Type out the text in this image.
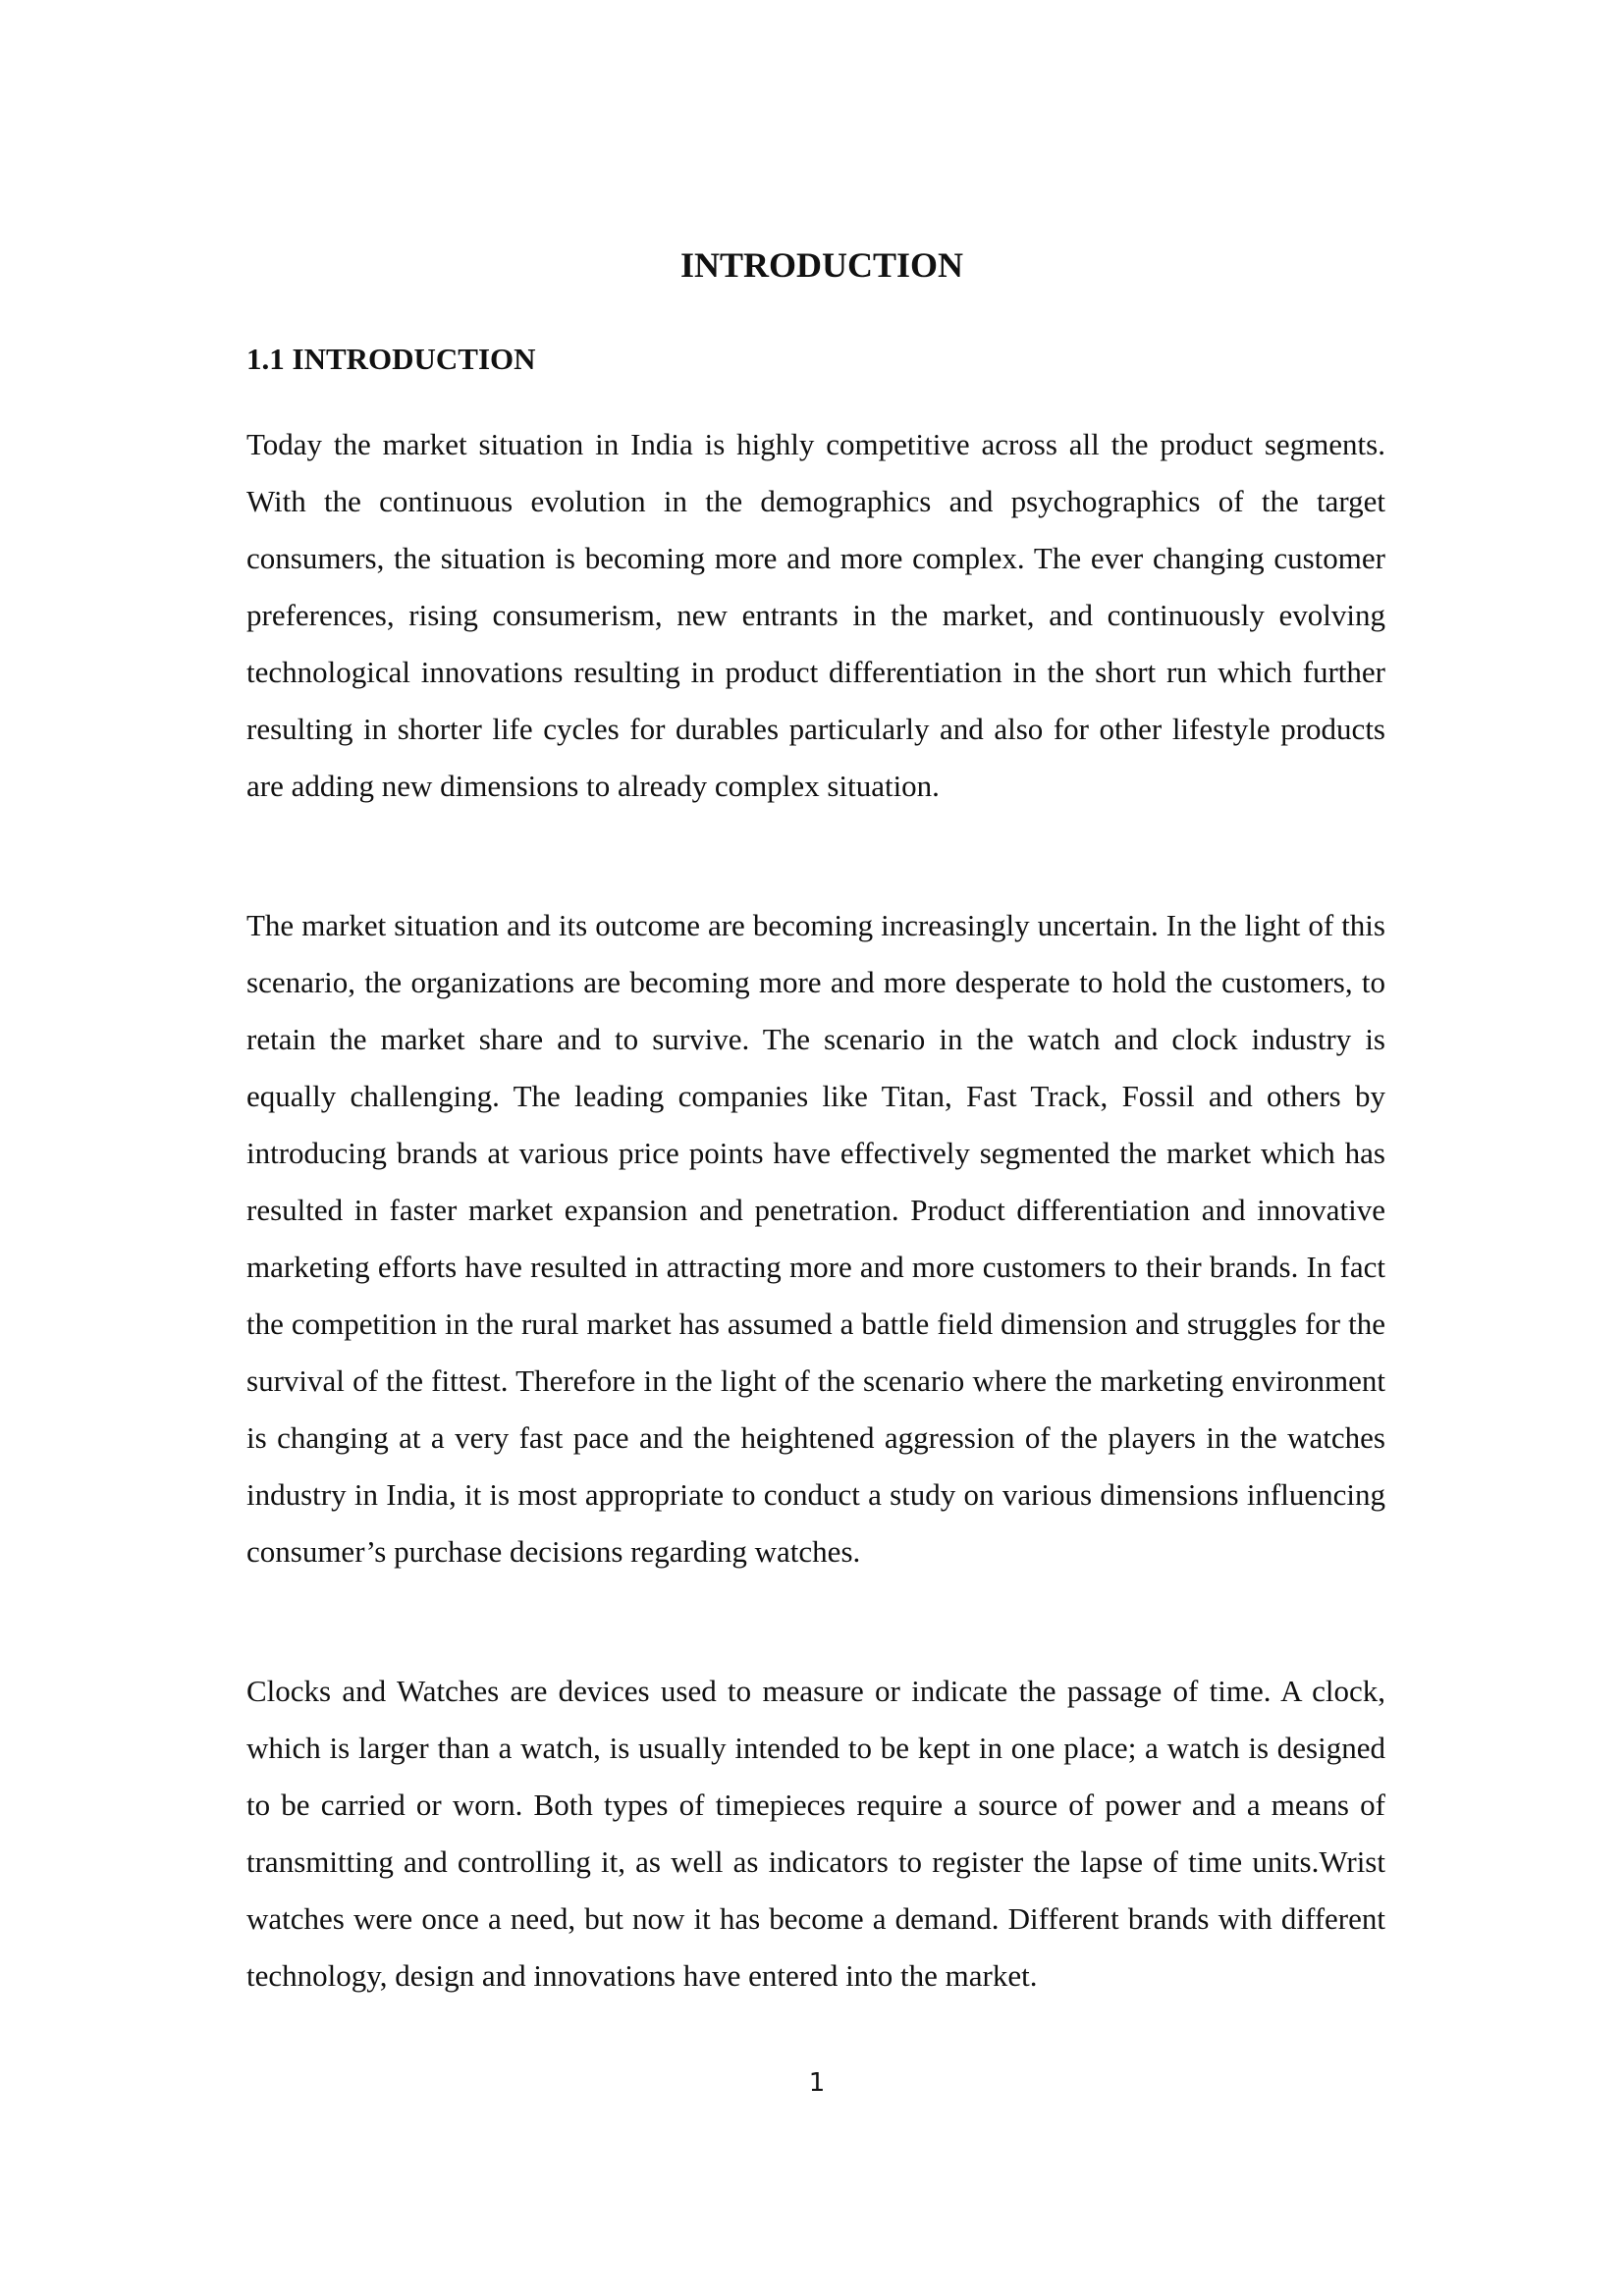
INTRODUCTION
1.1 INTRODUCTION

Today the market situation in India is highly competitive across all the product segments. With the continuous evolution in the demographics and psychographics of the target consumers, the situation is becoming more and more complex. The ever changing customer preferences, rising consumerism, new entrants in the market, and continuously evolving technological innovations resulting in product differentiation in the short run which further resulting in shorter life cycles for durables particularly and also for other lifestyle products are adding new dimensions to already complex situation.

The market situation and its outcome are becoming increasingly uncertain. In the light of this scenario, the organizations are becoming more and more desperate to hold the customers, to retain the market share and to survive. The scenario in the watch and clock industry is equally challenging. The leading companies like Titan, Fast Track, Fossil and others by introducing brands at various price points have effectively segmented the market which has resulted in faster market expansion and penetration. Product differentiation and innovative marketing efforts have resulted in attracting more and more customers to their brands. In fact the competition in the rural market has assumed a battle field dimension and struggles for the survival of the fittest. Therefore in the light of the scenario where the marketing environment is changing at a very fast pace and the heightened aggression of the players in the watches industry in India, it is most appropriate to conduct a study on various dimensions influencing consumer’s purchase decisions regarding watches.

Clocks and Watches are devices used to measure or indicate the passage of time. A clock, which is larger than a watch, is usually intended to be kept in one place; a watch is designed to be carried or worn. Both types of timepieces require a source of power and a means of transmitting and controlling it, as well as indicators to register the lapse of time units.Wrist watches were once a need, but now it has become a demand. Different brands with different technology, design and innovations have entered into the market.

1
